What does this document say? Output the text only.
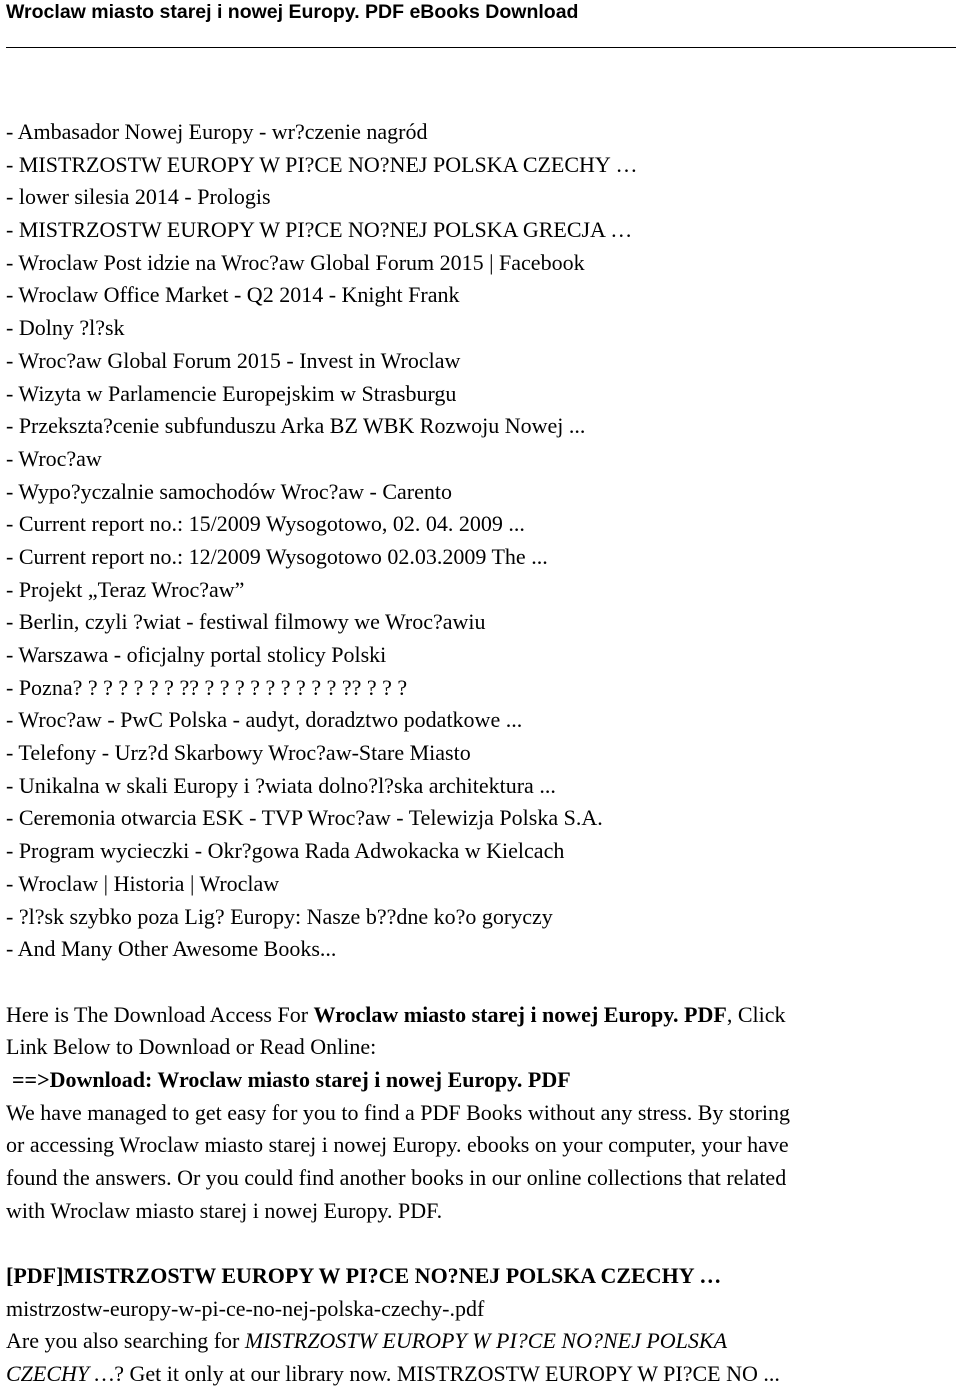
Wroclaw miasto starej i nowej Europy. PDF eBooks Download
- Ambasador Nowej Europy - wr?czenie nagród
- MISTRZOSTW EUROPY W PI?CE NO?NEJ POLSKA CZECHY …
- lower silesia 2014 - Prologis
- MISTRZOSTW EUROPY W PI?CE NO?NEJ POLSKA GRECJA …
- Wroclaw Post idzie na Wroc?aw Global Forum 2015 | Facebook
- Wroclaw Office Market - Q2 2014 - Knight Frank
- Dolny ?l?sk
- Wroc?aw Global Forum 2015 - Invest in Wroclaw
- Wizyta w Parlamencie Europejskim w Strasburgu
- Przekszta?cenie subfunduszu Arka BZ WBK Rozwoju Nowej ...
- Wroc?aw
- Wypo?yczalnie samochodów Wroc?aw - Carento
- Current report no.: 15/2009 Wysogotowo, 02. 04. 2009 ...
- Current report no.: 12/2009 Wysogotowo 02.03.2009 The ...
- Projekt „Teraz Wroc?aw”
- Berlin, czyli ?wiat - festiwal filmowy we Wroc?awiu
- Warszawa - oficjalny portal stolicy Polski
- Pozna? ? ? ? ? ? ? ?? ? ? ? ? ? ? ? ? ? ?? ? ? ?
- Wroc?aw - PwC Polska - audyt, doradztwo podatkowe ...
- Telefony - Urz?d Skarbowy Wroc?aw-Stare Miasto
- Unikalna w skali Europy i ?wiata dolno?l?ska architektura ...
- Ceremonia otwarcia ESK - TVP Wroc?aw - Telewizja Polska S.A.
- Program wycieczki - Okr?gowa Rada Adwokacka w Kielcach
- Wroclaw | Historia | Wroclaw
- ?l?sk szybko poza Lig? Europy: Nasze b??dne ko?o goryczy
- And Many Other Awesome Books...
Here is The Download Access For Wroclaw miasto starej i nowej Europy. PDF, Click
Link Below to Download or Read Online:
==>Download: Wroclaw miasto starej i nowej Europy. PDF
We have managed to get easy for you to find a PDF Books without any stress. By storing
or accessing Wroclaw miasto starej i nowej Europy. ebooks on your computer, your have
found the answers. Or you could find another books in our online collections that related
with Wroclaw miasto starej i nowej Europy. PDF.
[PDF]MISTRZOSTW EUROPY W PI?CE NO?NEJ POLSKA CZECHY …
mistrzostw-europy-w-pi-ce-no-nej-polska-czechy-.pdf
Are you also searching for MISTRZOSTW EUROPY W PI?CE NO?NEJ POLSKA
CZECHY …? Get it only at our library now. MISTRZOSTW EUROPY W PI?CE NO ...
